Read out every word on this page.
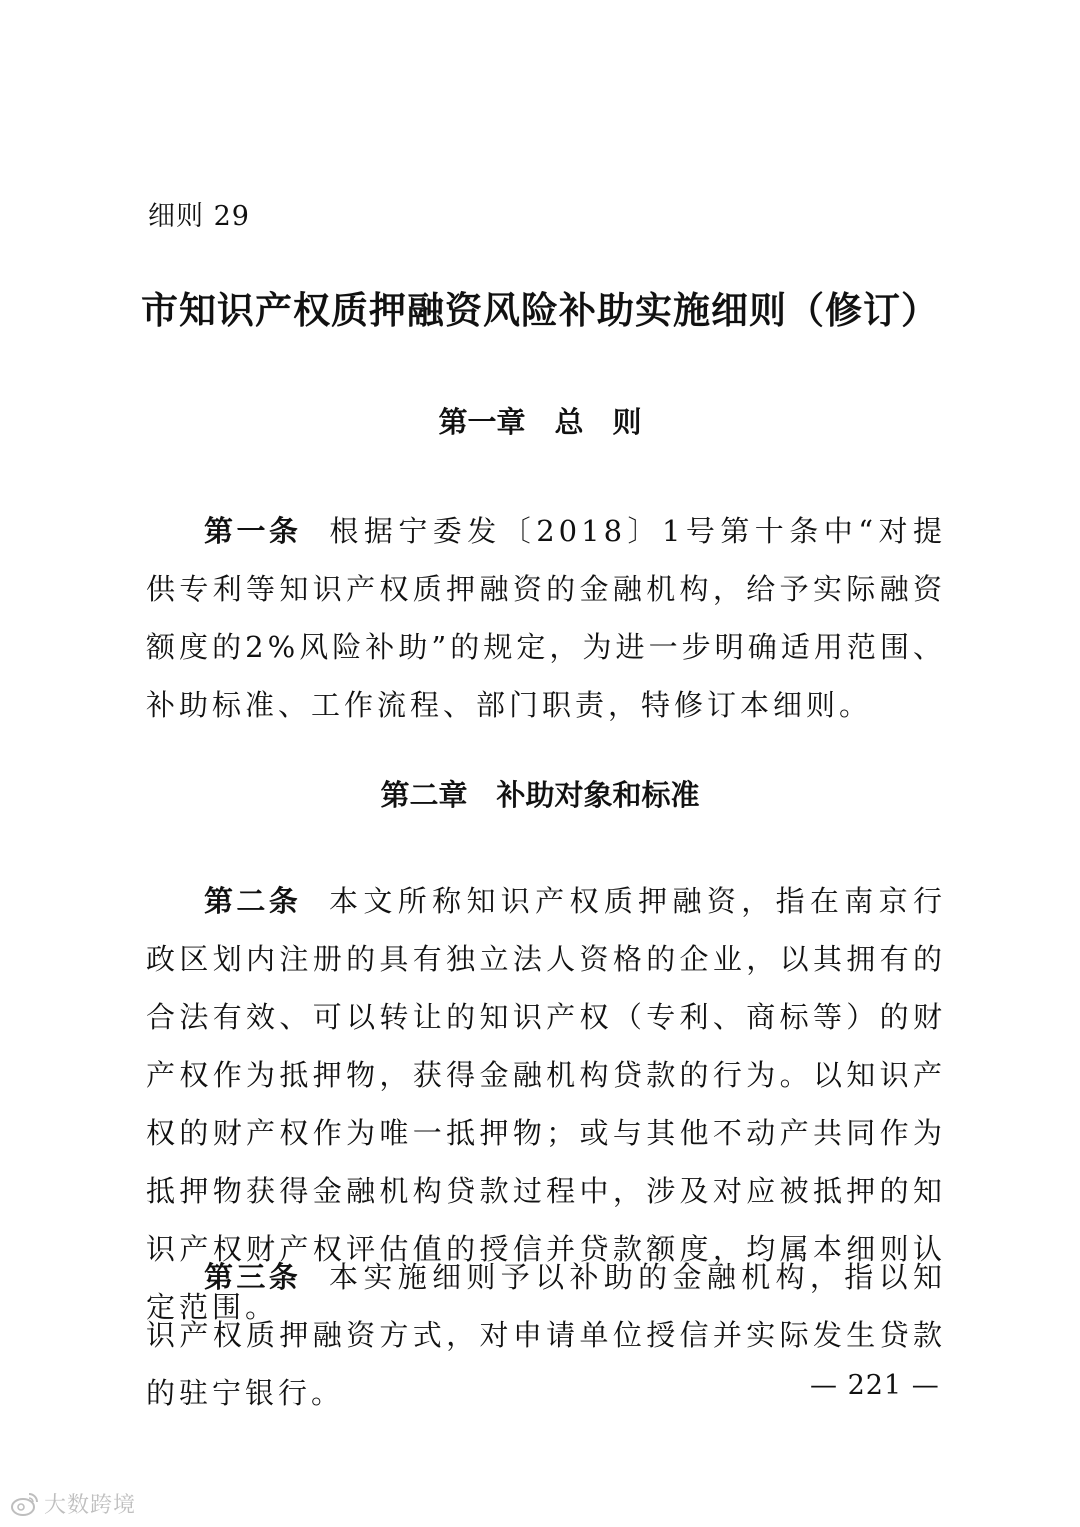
细则 29
市知识产权质押融资风险补助实施细则（修订）
第一章　总　则

第一条 根据宁委发〔2018〕1号第十条中“对提供专利等知识产权质押融资的金融机构，给予实际融资额度的2%风险补助”的规定，为进一步明确适用范围、补助标准、工作流程、部门职责，特修订本细则。

第二章　补助对象和标准

第二条 本文所称知识产权质押融资，指在南京行政区划内注册的具有独立法人资格的企业，以其拥有的合法有效、可以转让的知识产权（专利、商标等）的财产权作为抵押物，获得金融机构贷款的行为。以知识产权的财产权作为唯一抵押物；或与其他不动产共同作为抵押物获得金融机构贷款过程中，涉及对应被抵押的知识产权财产权评估值的授信并贷款额度，均属本细则认定范围。

第三条 本实施细则予以补助的金融机构，指以知识产权质押融资方式，对申请单位授信并实际发生贷款的驻宁银行。	— 221 —
大数跨境
